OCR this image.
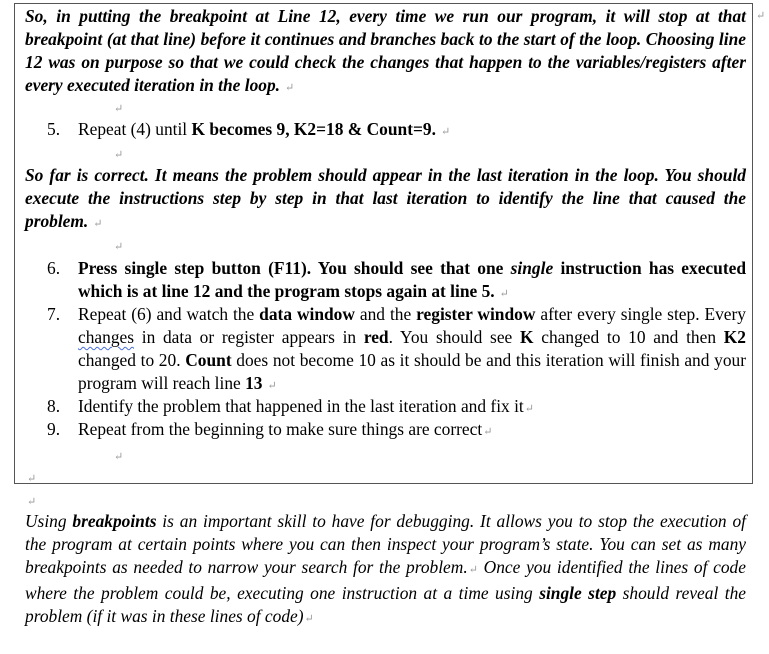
So, in putting the breakpoint at Line 12, every time we run our program, it will stop at that breakpoint (at that line) before it continues and branches back to the start of the loop. Choosing line 12 was on purpose so that we could check the changes that happen to the variables/registers after every executed iteration in the loop. ↵

↵
↵
5. Repeat (4) until K becomes 9, K2=18 & Count=9. ↵

↵

So far is correct. It means the problem should appear in the last iteration in the loop. You should execute the instructions step by step in that last iteration to identify the line that caused the problem. ↵

↵
6. Press single step button (F11). You should see that one single instruction has executed which is at line 12 and the program stops again at line 5. ↵

7. Repeat (6) and watch the data window and the register window after every single step. Every changes in data or register appears in red. You should see K changed to 10 and then K2 changed to 20. Count does not become 10 as it should be and this iteration will finish and your program will reach line 13 ↵

8. Identify the problem that happened in the last iteration and fix it↵

9. Repeat from the beginning to make sure things are correct↵

↵
↵
↵

Using breakpoints is an important skill to have for debugging. It allows you to stop the execution of the program at certain points where you can then inspect your program’s state. You can set as many breakpoints as needed to narrow your search for the problem.↵ Once you identified the lines of code where the problem could be, executing one instruction at a time using single step should reveal the problem (if it was in these lines of code)↵
